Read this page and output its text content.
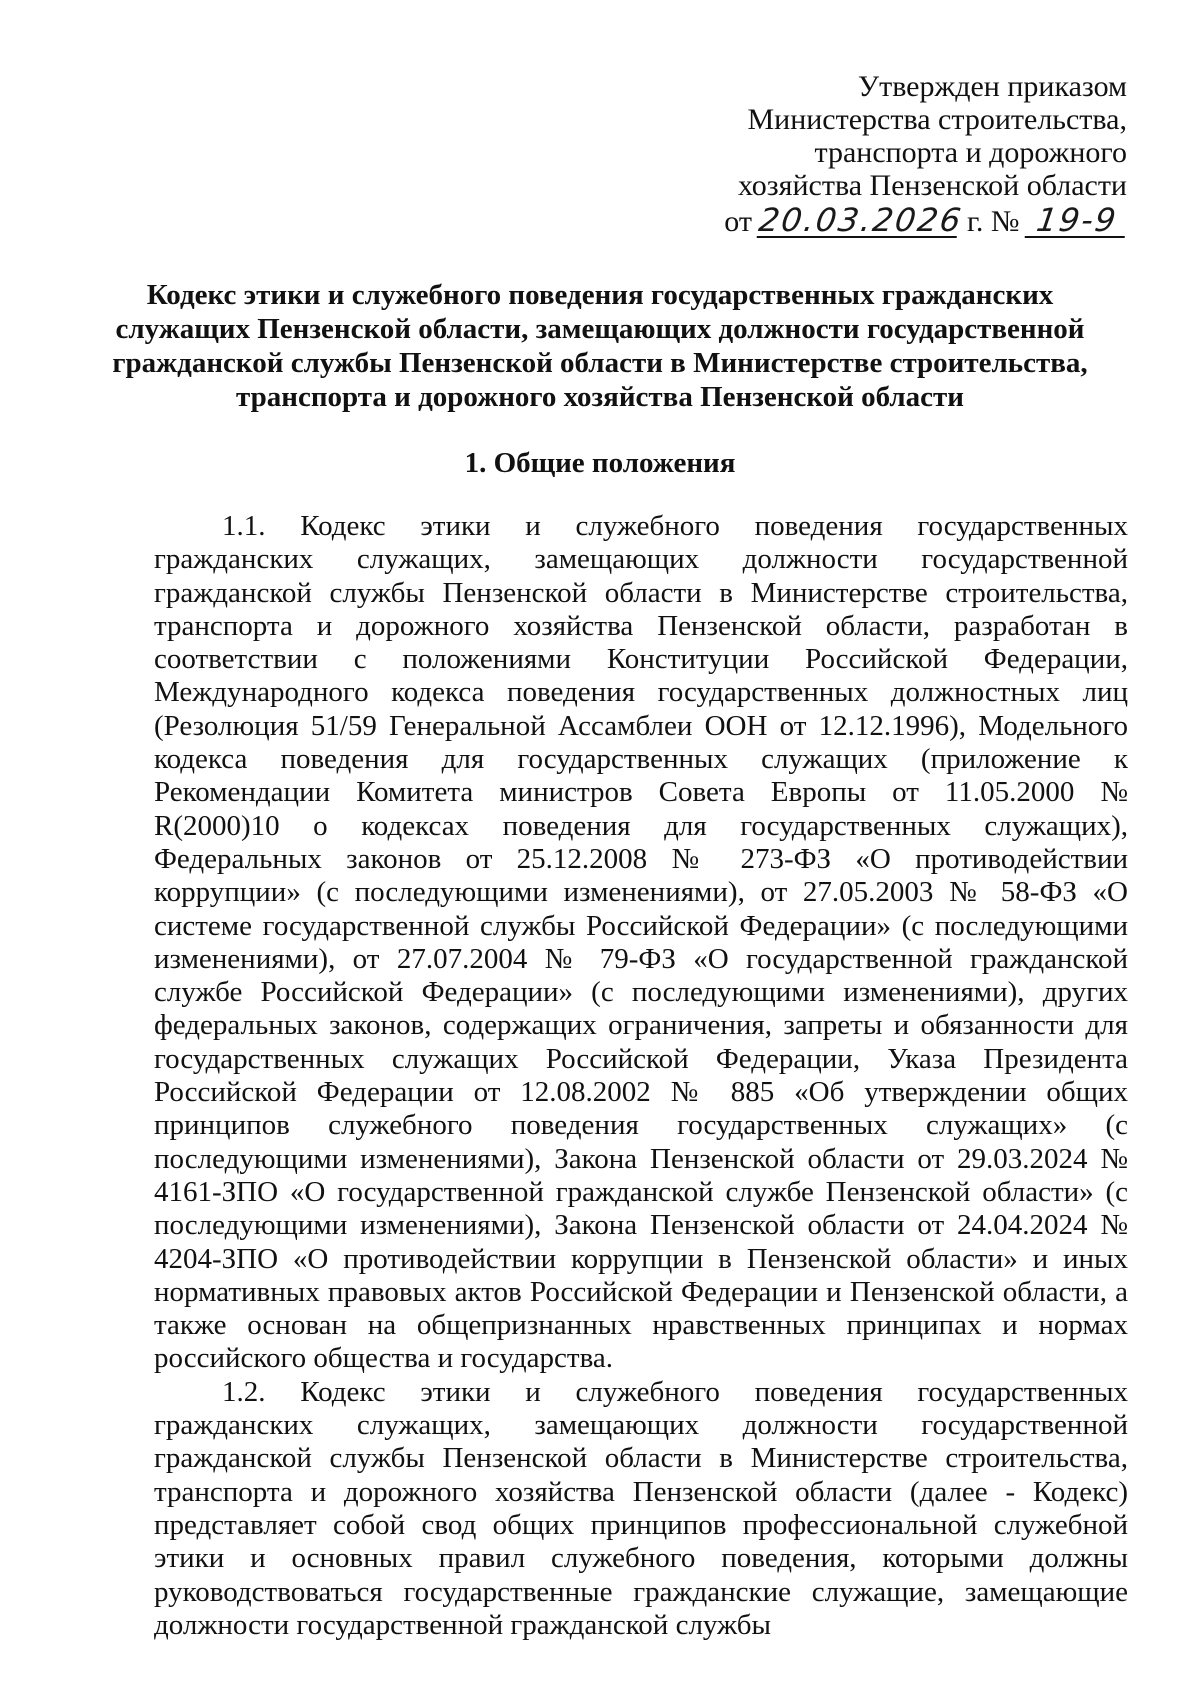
Утвержден приказом
Министерства строительства,
транспорта и дорожного
хозяйства Пензенской области
от 20.03.2026 г. № 19-9
Кодекс этики и служебного поведения государственных гражданских служащих Пензенской области, замещающих должности государственной гражданской службы Пензенской области в Министерстве строительства, транспорта и дорожного хозяйства Пензенской области
1. Общие положения

1.1. Кодекс этики и служебного поведения государственных гражданских служащих, замещающих должности государственной гражданской службы Пензенской области в Министерстве строительства, транспорта и дорожного хозяйства Пензенской области, разработан в соответствии с положениями Конституции Российской Федерации, Международного кодекса поведения государственных должностных лиц (Резолюция 51/59 Генеральной Ассамблеи ООН от 12.12.1996), Модельного кодекса поведения для государственных служащих (приложение к Рекомендации Комитета министров Совета Европы от 11.05.2000 № R(2000)10 о кодексах поведения для государственных служащих), Федеральных законов от 25.12.2008 № 273-ФЗ «О противодействии коррупции» (с последующими изменениями), от 27.05.2003 № 58-ФЗ «О системе государственной службы Российской Федерации» (с последующими изменениями), от 27.07.2004 № 79-ФЗ «О государственной гражданской службе Российской Федерации» (с последующими изменениями), других федеральных законов, содержащих ограничения, запреты и обязанности для государственных служащих Российской Федерации, Указа Президента Российской Федерации от 12.08.2002 № 885 «Об утверждении общих принципов служебного поведения государственных служащих» (с последующими изменениями), Закона Пензенской области от 29.03.2024 № 4161-ЗПО «О государственной гражданской службе Пензенской области» (с последующими изменениями), Закона Пензенской области от 24.04.2024 № 4204-ЗПО «О противодействии коррупции в Пензенской области» и иных нормативных правовых актов Российской Федерации и Пензенской области, а также основан на общепризнанных нравственных принципах и нормах российского общества и государства.

1.2. Кодекс этики и служебного поведения государственных гражданских служащих, замещающих должности государственной гражданской службы Пензенской области в Министерстве строительства, транспорта и дорожного хозяйства Пензенской области (далее - Кодекс) представляет собой свод общих принципов профессиональной служебной этики и основных правил служебного поведения, которыми должны руководствоваться государственные гражданские служащие, замещающие должности государственной гражданской службы
